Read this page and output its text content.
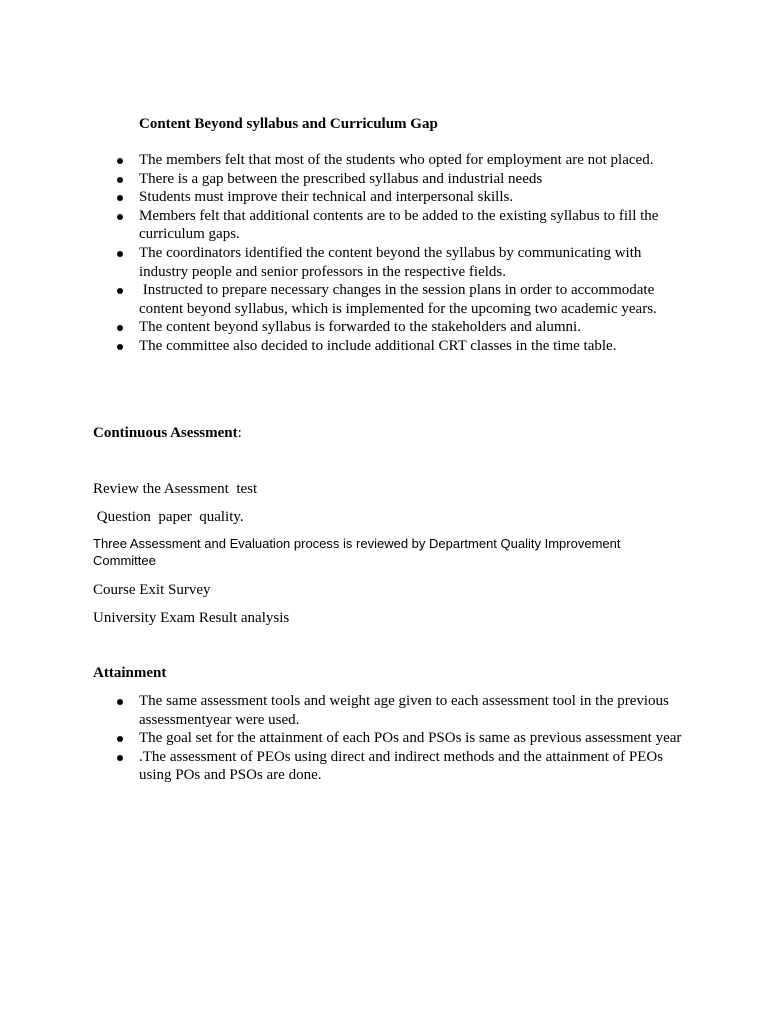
Content Beyond syllabus and Curriculum Gap
The members felt that most of the students who opted for employment are not placed.
There is a gap between the prescribed syllabus and industrial needs
Students must improve their technical and interpersonal skills.
Members felt that additional contents are to be added to the existing syllabus to fill the curriculum gaps.
The coordinators identified the content beyond the syllabus by communicating with industry people and senior professors in the respective fields.
Instructed to prepare necessary changes in the session plans in order to accommodate content beyond syllabus, which is implemented for the upcoming two academic years.
The content beyond syllabus is forwarded to the stakeholders and alumni.
The committee also decided to include additional CRT classes in the time table.
Continuous Asessment:

Review the Asessment  test

Question  paper  quality.

Three Assessment and Evaluation process is reviewed by Department Quality Improvement Committee

Course Exit Survey

University Exam Result analysis

Attainment
The same assessment tools and weight age given to each assessment tool in the previous assessmentyear were used.
The goal set for the attainment of each POs and PSOs is same as previous assessment year
.The assessment of PEOs using direct and indirect methods and the attainment of PEOs using POs and PSOs are done.
